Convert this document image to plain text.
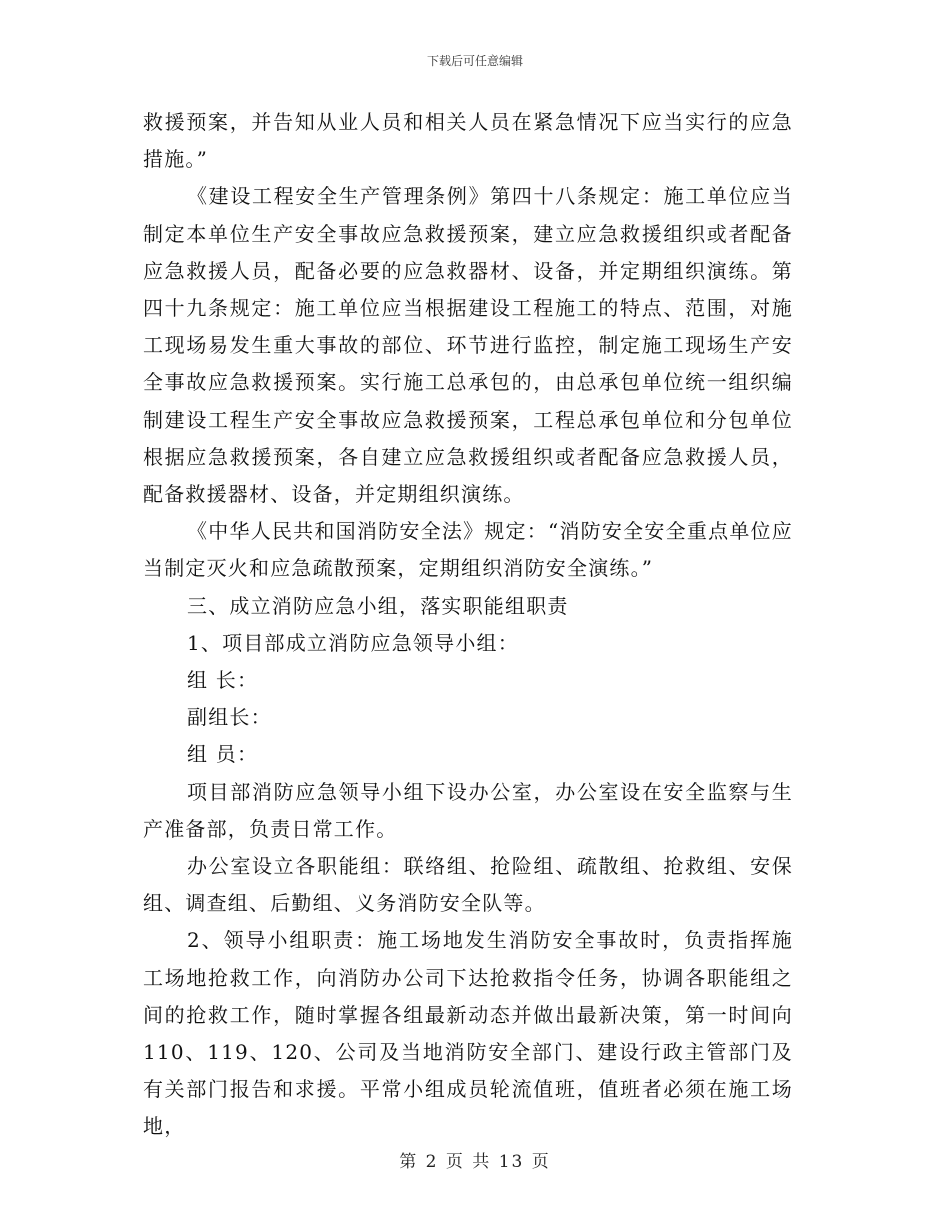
下载后可任意编辑

救援预案，并告知从业人员和相关人员在紧急情况下应当实行的应急措施。”

《建设工程安全生产管理条例》第四十八条规定：施工单位应当制定本单位生产安全事故应急救援预案，建立应急救援组织或者配备应急救援人员，配备必要的应急救器材、设备，并定期组织演练。第四十九条规定：施工单位应当根据建设工程施工的特点、范围，对施工现场易发生重大事故的部位、环节进行监控，制定施工现场生产安全事故应急救援预案。实行施工总承包的，由总承包单位统一组织编制建设工程生产安全事故应急救援预案，工程总承包单位和分包单位根据应急救援预案，各自建立应急救援组织或者配备应急救援人员，配备救援器材、设备，并定期组织演练。

《中华人民共和国消防安全法》规定：“消防安全安全重点单位应当制定灭火和应急疏散预案，定期组织消防安全演练。”

三、成立消防应急小组，落实职能组职责

1、项目部成立消防应急领导小组：

组 长：

副组长：

组 员：

项目部消防应急领导小组下设办公室，办公室设在安全监察与生产准备部，负责日常工作。

办公室设立各职能组：联络组、抢险组、疏散组、抢救组、安保组、调查组、后勤组、义务消防安全队等。

2、领导小组职责：施工场地发生消防安全事故时，负责指挥施工场地抢救工作，向消防办公司下达抢救指令任务，协调各职能组之间的抢救工作，随时掌握各组最新动态并做出最新决策，第一时间向110、119、120、公司及当地消防安全部门、建设行政主管部门及有关部门报告和求援。平常小组成员轮流值班，值班者必须在施工场地，

第 2 页 共 13 页
